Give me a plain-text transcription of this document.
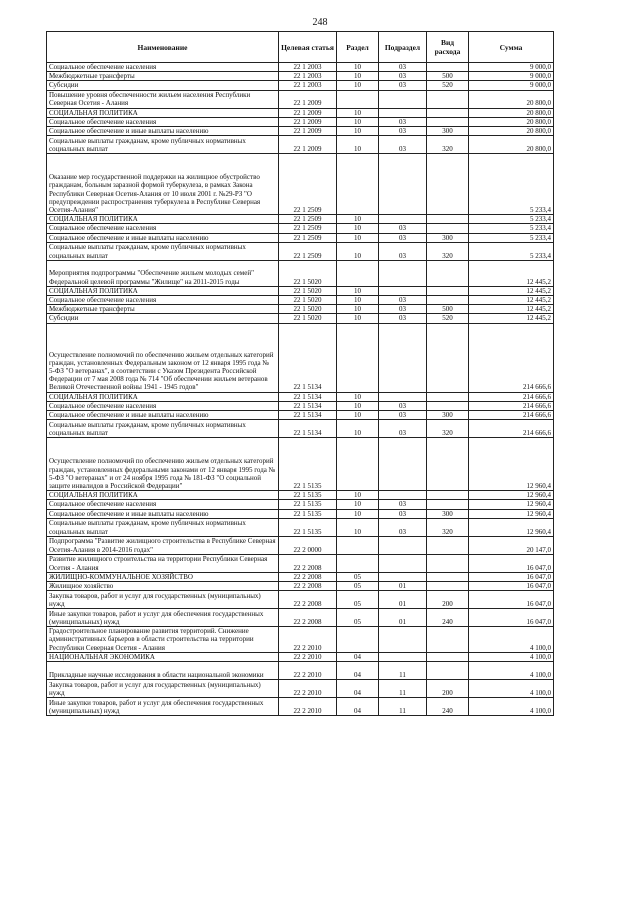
248
Наименование	Целевая статья	Раздел	Подраздел	Вид расхода	Сумма
Социальное обеспечение населения	22 1 2003	10	03		9 000,0
Межбюджетные трансферты	22 1 2003	10	03	500	9 000,0
Субсидии	22 1 2003	10	03	520	9 000,0
Повышение уровня обеспеченности жильем населения Республики Северная Осетия - Алания	22 1 2009				20 800,0
СОЦИАЛЬНАЯ ПОЛИТИКА	22 1 2009	10			20 800,0
Социальное обеспечение населения	22 1 2009	10	03		20 800,0
Социальное обеспечение и иные выплаты населению	22 1 2009	10	03	300	20 800,0
Социальные выплаты гражданам, кроме публичных нормативных социальных выплат	22 1 2009	10	03	320	20 800,0
Оказание мер государственной поддержки на жилищное обустройство гражданам, больным заразной формой туберкулеза, в рамках Закона Республики Северная Осетия-Алания от 10 июля 2001 г. №29-РЗ "О предупреждении распространения туберкулеза в Республике Северная Осетия-Алания"	22 1 2509				5 233,4
СОЦИАЛЬНАЯ ПОЛИТИКА	22 1 2509	10			5 233,4
Социальное обеспечение населения	22 1 2509	10	03		5 233,4
Социальное обеспечение и иные выплаты населению	22 1 2509	10	03	300	5 233,4
Социальные выплаты гражданам, кроме публичных нормативных социальных выплат	22 1 2509	10	03	320	5 233,4
Мероприятия подпрограммы "Обеспечение жильем молодых семей" Федеральной целевой программы "Жилище" на 2011-2015 годы	22 1 5020				12 445,2
СОЦИАЛЬНАЯ ПОЛИТИКА	22 1 5020	10			12 445,2
Социальное обеспечение населения	22 1 5020	10	03		12 445,2
Межбюджетные трансферты	22 1 5020	10	03	500	12 445,2
Субсидии	22 1 5020	10	03	520	12 445,2
Осуществление полномочий по обеспечению жильем отдельных категорий граждан, установленных Федеральным законом от 12 января 1995 года № 5-ФЗ "О ветеранах", в соответствии с Указом Президента Российской Федерации от 7 мая 2008 года № 714 "Об обеспечении жильем ветеранов Великой Отечественной войны 1941 - 1945 годов"	22 1 5134				214 666,6
СОЦИАЛЬНАЯ ПОЛИТИКА	22 1 5134	10			214 666,6
Социальное обеспечение населения	22 1 5134	10	03		214 666,6
Социальное обеспечение и иные выплаты населению	22 1 5134	10	03	300	214 666,6
Социальные выплаты гражданам, кроме публичных нормативных социальных выплат	22 1 5134	10	03	320	214 666,6
Осуществление полномочий по обеспечению жильем отдельных категорий граждан, установленных федеральными законами от 12 января 1995 года № 5-ФЗ "О ветеранах" и от 24 ноября 1995 года № 181-ФЗ "О социальной защите инвалидов в Российской Федерации"	22 1 5135				12 960,4
СОЦИАЛЬНАЯ ПОЛИТИКА	22 1 5135	10			12 960,4
Социальное обеспечение населения	22 1 5135	10	03		12 960,4
Социальное обеспечение и иные выплаты населению	22 1 5135	10	03	300	12 960,4
Социальные выплаты гражданам, кроме публичных нормативных социальных выплат	22 1 5135	10	03	320	12 960,4
Подпрограмма "Развитие жилищного строительства в Республике Северная Осетия-Алания в 2014-2016 годах"	22 2 0000				20 147,0
Развитие жилищного строительства на территории Республики Северная Осетия - Алания	22 2 2008				16 047,0
ЖИЛИЩНО-КОММУНАЛЬНОЕ ХОЗЯЙСТВО	22 2 2008	05			16 047,0
Жилищное хозяйство	22 2 2008	05	01		16 047,0
Закупка товаров, работ и услуг для государственных (муниципальных) нужд	22 2 2008	05	01	200	16 047,0
Иные закупки товаров, работ и услуг для обеспечения государственных (муниципальных) нужд	22 2 2008	05	01	240	16 047,0
Градостроительное планирование развития территорий. Снижение административных барьеров в области строительства на территории Республики Северная Осетия - Алания	22 2 2010				4 100,0
НАЦИОНАЛЬНАЯ ЭКОНОМИКА	22 2 2010	04			4 100,0
Прикладные научные исследования в области национальной экономики	22 2 2010	04	11		4 100,0
Закупка товаров, работ и услуг для государственных (муниципальных) нужд	22 2 2010	04	11	200	4 100,0
Иные закупки товаров, работ и услуг для обеспечения государственных (муниципальных) нужд	22 2 2010	04	11	240	4 100,0
